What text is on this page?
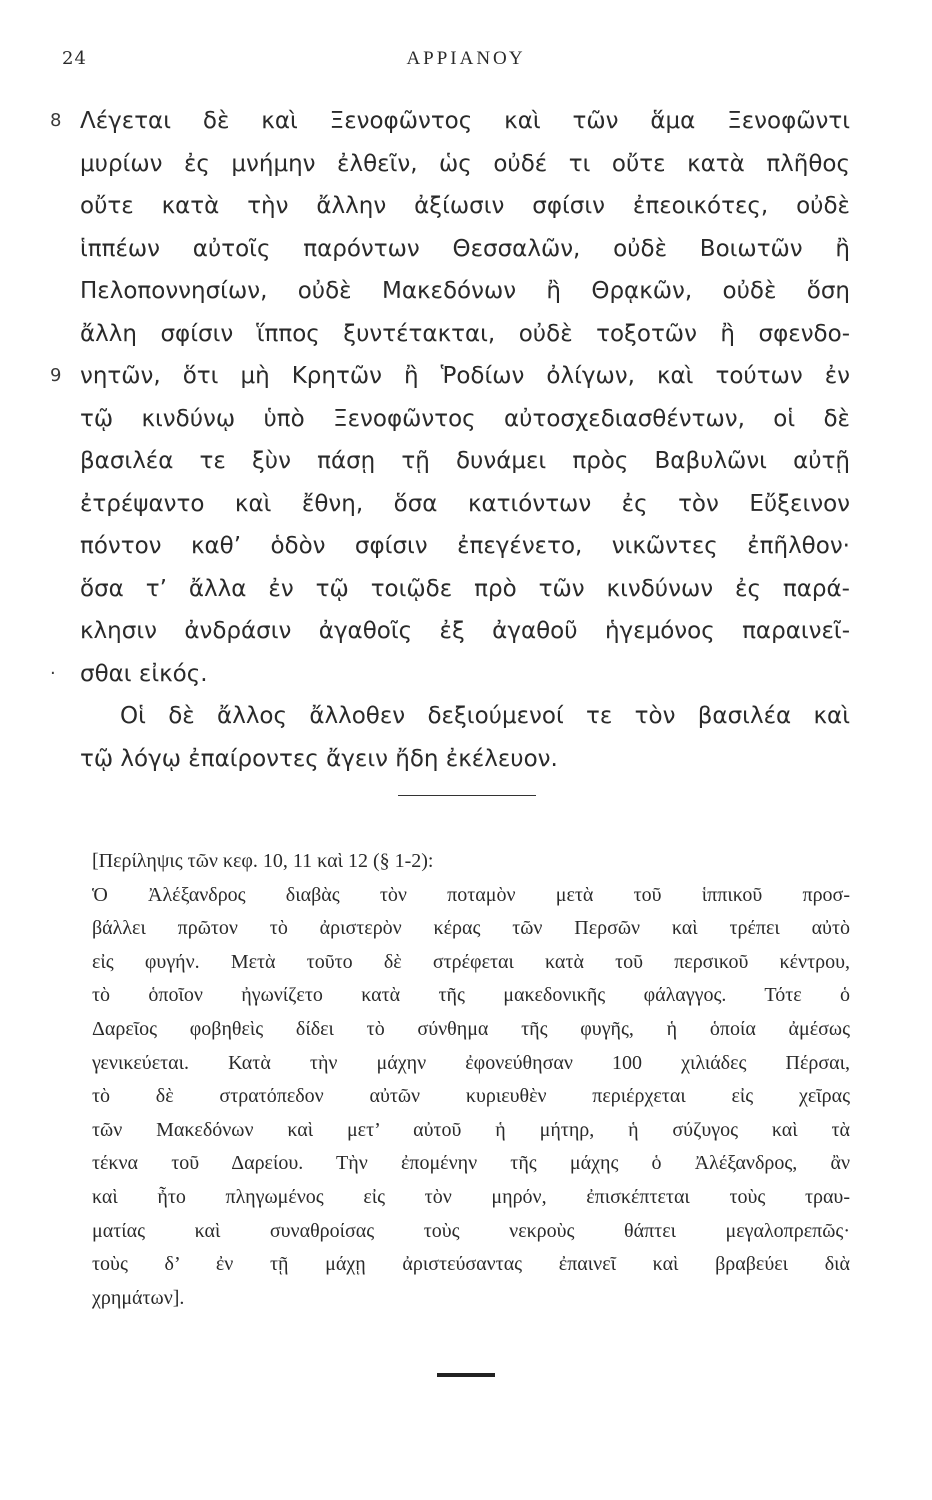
24	ΑΡΡΙΑΝΟΥ
Λέγεται δὲ καὶ Ξενοφῶντος καὶ τῶν ἅμα Ξενοφῶντι
8
μυρίων ἐς μνήμην ἐλθεῖν, ὡς οὐδέ τι οὔτε κατὰ πλῆθος
οὔτε κατὰ τὴν ἄλλην ἀξίωσιν σφίσιν ἐπεοικότες, οὐδὲ
ἱππέων αὐτοῖς παρόντων Θεσσαλῶν, οὐδὲ Βοιωτῶν ἢ
Πελοποννησίων, οὐδὲ Μακεδόνων ἢ Θρᾳκῶν, οὐδὲ ὅση
ἄλλη σφίσιν ἵππος ξυντέτακται, οὐδὲ τοξοτῶν ἢ σφενδο-
νητῶν, ὅτι μὴ Κρητῶν ἢ Ῥοδίων ὀλίγων, καὶ τούτων ἐν
9
τῷ κινδύνῳ ὑπὸ Ξενοφῶντος αὐτοσχεδιασθέντων, οἱ δὲ
βασιλέα τε ξὺν πάσῃ τῇ δυνάμει πρὸς Βαβυλῶνι αὐτῇ
ἐτρέψαντο καὶ ἔθνη, ὅσα κατιόντων ἐς τὸν Εὔξεινον
πόντον καθ’ ὁδὸν σφίσιν ἐπεγένετο, νικῶντες ἐπῆλθον·
ὅσα τ’ ἄλλα ἐν τῷ τοιῷδε πρὸ τῶν κινδύνων ἐς παρά-
κλησιν ἀνδράσιν ἀγαθοῖς ἐξ ἀγαθοῦ ἡγεμόνος παραινεῖ-
σθαι εἰκός.
·
Οἱ δὲ ἄλλος ἄλλοθεν δεξιούμενοί τε τὸν βασιλέα καὶ
τῷ λόγῳ ἐπαίροντες ἄγειν ἤδη ἐκέλευον.
[Περίληψις τῶν κεφ. 10, 11 καὶ 12 (§ 1-2):
Ὁ Ἀλέξανδρος διαβὰς τὸν ποταμὸν μετὰ τοῦ ἱππικοῦ προσ-
βάλλει πρῶτον τὸ ἀριστερὸν κέρας τῶν Περσῶν καὶ τρέπει αὐτὸ
εἰς φυγήν. Μετὰ τοῦτο δὲ στρέφεται κατὰ τοῦ περσικοῦ κέντρου,
τὸ ὁποῖον ἠγωνίζετο κατὰ τῆς μακεδονικῆς φάλαγγος. Τότε ὁ
Δαρεῖος φοβηθεὶς δίδει τὸ σύνθημα τῆς φυγῆς, ἡ ὁποία ἀμέσως
γενικεύεται. Κατὰ τὴν μάχην ἐφονεύθησαν 100 χιλιάδες Πέρσαι,
τὸ δὲ στρατόπεδον αὐτῶν κυριευθὲν περιέρχεται εἰς χεῖρας
τῶν Μακεδόνων καὶ μετ’ αὐτοῦ ἡ μήτηρ, ἡ σύζυγος καὶ τὰ
τέκνα τοῦ Δαρείου. Τὴν ἐπομένην τῆς μάχης ὁ Ἀλέξανδρος, ἂν
καὶ ἦτο πληγωμένος εἰς τὸν μηρόν, ἐπισκέπτεται τοὺς τραυ-
ματίας καὶ συναθροίσας τοὺς νεκροὺς θάπτει μεγαλοπρεπῶς·
τοὺς δ’ ἐν τῇ μάχῃ ἀριστεύσαντας ἐπαινεῖ καὶ βραβεύει διὰ
χρημάτων].
